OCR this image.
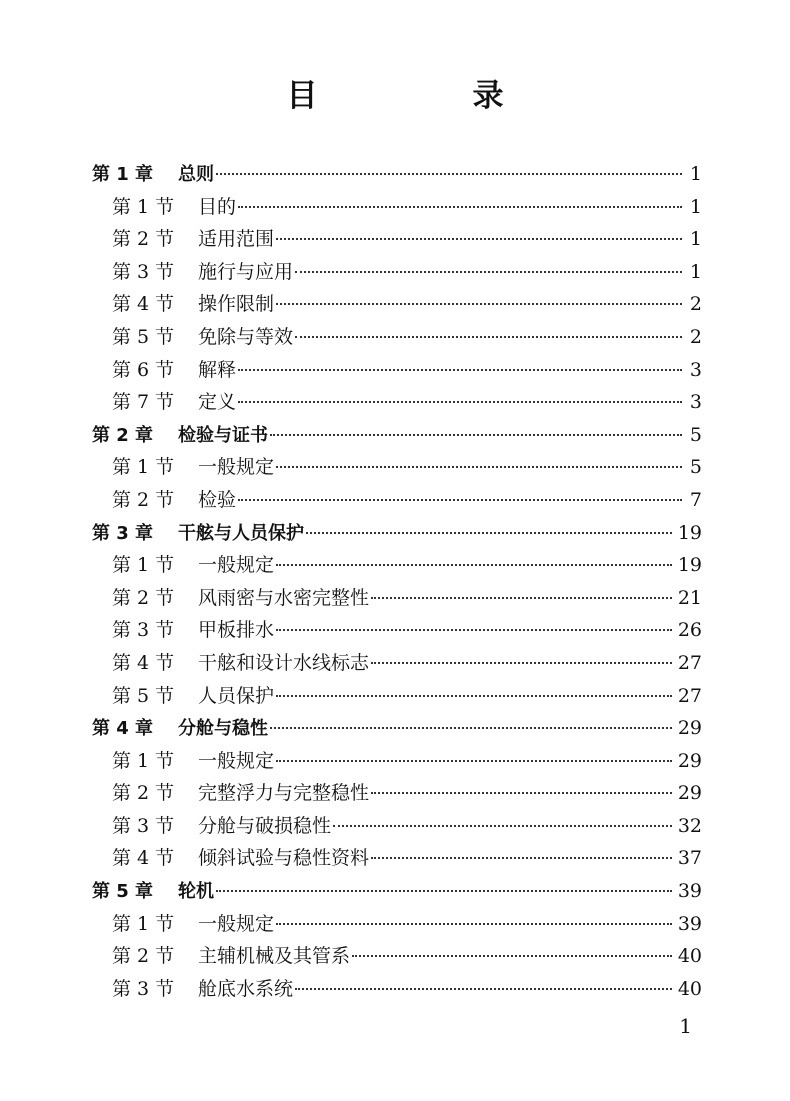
目　录
第 1 章	总则	1
第 1 节	目的	1
第 2 节	适用范围	1
第 3 节	施行与应用	1
第 4 节	操作限制	2
第 5 节	免除与等效	2
第 6 节	解释	3
第 7 节	定义	3
第 2 章	检验与证书	5
第 1 节	一般规定	5
第 2 节	检验	7
第 3 章	干舷与人员保护	19
第 1 节	一般规定	19
第 2 节	风雨密与水密完整性	21
第 3 节	甲板排水	26
第 4 节	干舷和设计水线标志	27
第 5 节	人员保护	27
第 4 章	分舱与稳性	29
第 1 节	一般规定	29
第 2 节	完整浮力与完整稳性	29
第 3 节	分舱与破损稳性	32
第 4 节	倾斜试验与稳性资料	37
第 5 章	轮机	39
第 1 节	一般规定	39
第 2 节	主辅机械及其管系	40
第 3 节	舱底水系统	40
1
